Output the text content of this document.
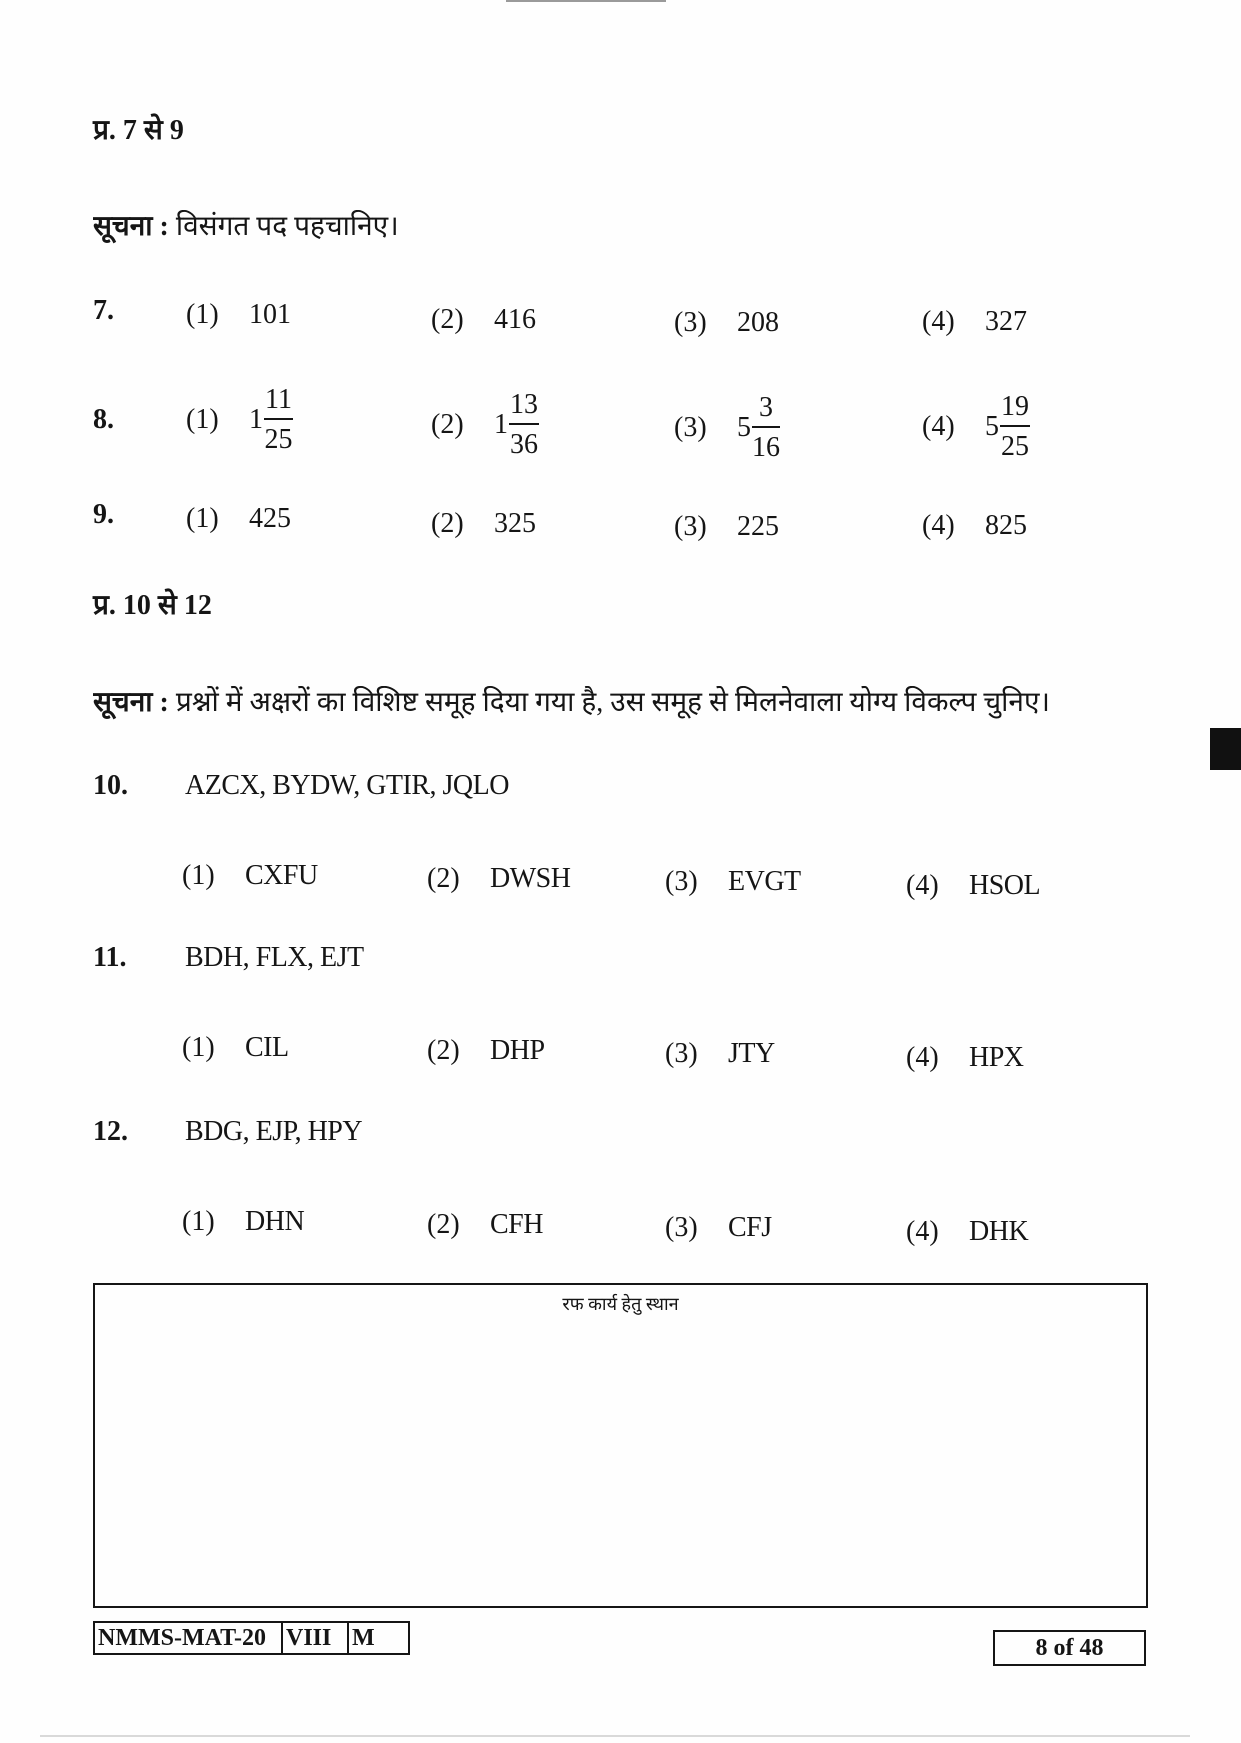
प्र. 7 से 9
सूचना : विसंगत पद पहचानिए।
7.	(1)	101	(2)	416	(3)	208	(4)	327
8.	(1)	$1 \frac{11}{25}$	(2)	$1 \frac{13}{36}$	(3)	$5 \frac{3}{16}$	(4)	$5 \frac{19}{25}$
9.	(1)	425	(2)	325	(3)	225	(4)	825
प्र. 10 से 12
सूचना : प्रश्नों में अक्षरों का विशिष्ट समूह दिया गया है, उस समूह से मिलनेवाला योग्य विकल्प चुनिए।
10. AZCX, BYDW, GTIR, JQLO
(1)	CXFU	(2)	DWSH	(3)	EVGT	(4)	HSOL
11. BDH, FLX, EJT
(1)	CIL	(2)	DHP	(3)	JTY	(4)	HPX
12. BDG, EJP, HPY
(1)	DHN	(2)	CFH	(3)	CFJ	(4)	DHK
रफ कार्य हेतु स्थान
NMMS-MAT-20 VIII M	8 of 48
